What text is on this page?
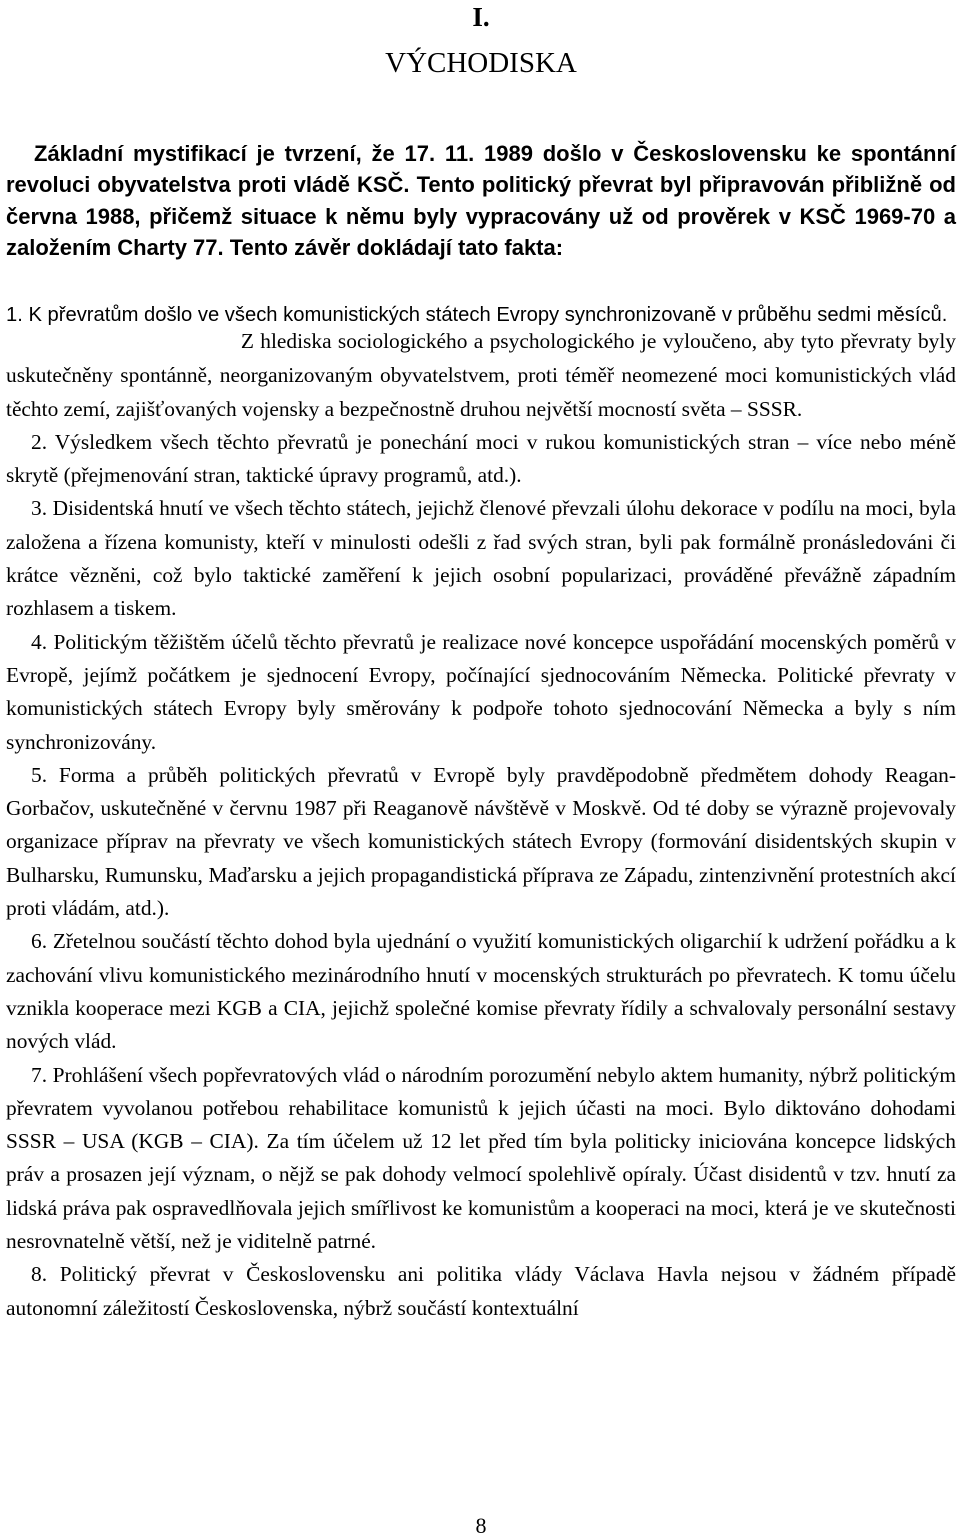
I.
VÝCHODISKA

Základní mystifikací je tvrzení, že 17. 11. 1989 došlo v Československu ke spontánní revoluci obyvatelstva proti vládě KSČ. Tento politický převrat byl připravován přibližně od června 1988, přičemž situace k němu byly vypracovány už od prověrek v KSČ 1969-70 a založením Charty 77. Tento závěr dokládají tato fakta:

1. K převratům došlo ve všech komunistických státech Evropy synchronizovaně v průběhu sedmi měsíců.

Z hlediska sociologického a psychologického je vyloučeno, aby tyto převraty byly uskutečněny spontánně, neorganizovaným obyvatelstvem, proti téměř neomezené moci komunistických vlád těchto zemí, zajišťovaných vojensky a bezpečnostně druhou největší mocností světa – SSSR.
2. Výsledkem všech těchto převratů je ponechání moci v rukou komunistických stran – více nebo méně skrytě (přejmenování stran, taktické úpravy programů, atd.).
3. Disidentská hnutí ve všech těchto státech, jejichž členové převzali úlohu dekorace v podílu na moci, byla založena a řízena komunisty, kteří v minulosti odešli z řad svých stran, byli pak formálně pronásledováni či krátce vězněni, což bylo taktické zaměření k jejich osobní popularizaci, prováděné převážně západním rozhlasem a tiskem.
4. Politickým těžištěm účelů těchto převratů je realizace nové koncepce uspořádání mocenských poměrů v Evropě, jejímž počátkem je sjednocení Evropy, počínající sjednocováním Německa. Politické převraty v komunistických státech Evropy byly směrovány k podpoře tohoto sjednocování Německa a byly s ním synchronizovány.
5. Forma a průběh politických převratů v Evropě byly pravděpodobně předmětem dohody Reagan-Gorbačov, uskutečněné v červnu 1987 při Reaganově návštěvě v Moskvě. Od té doby se výrazně projevovaly organizace příprav na převraty ve všech komunistických státech Evropy (formování disidentských skupin v Bulharsku, Rumunsku, Maďarsku a jejich propagandistická příprava ze Západu, zintenzivnění protestních akcí proti vládám, atd.).
6. Zřetelnou součástí těchto dohod byla ujednání o využití komunistických oligarchií k udržení pořádku a k zachování vlivu komunistického mezinárodního hnutí v mocenských strukturách po převratech. K tomu účelu vznikla kooperace mezi KGB a CIA, jejichž společné komise převraty řídily a schvalovaly personální sestavy nových vlád.
7. Prohlášení všech popřevratových vlád o národním porozumění nebylo aktem humanity, nýbrž politickým převratem vyvolanou potřebou rehabilitace komunistů k jejich účasti na moci. Bylo diktováno dohodami SSSR – USA (KGB – CIA). Za tím účelem už 12 let před tím byla politicky iniciována koncepce lidských práv a prosazen její význam, o nějž se pak dohody velmocí spolehlivě opíraly. Účast disidentů v tzv. hnutí za lidská práva pak ospravedlňovala jejich smířlivost ke komunistům a kooperaci na moci, která je ve skutečnosti nesrovnatelně větší, než je viditelně patrné.
8. Politický převrat v Československu ani politika vlády Václava Havla nejsou v žádném případě autonomní záležitostí Československa, nýbrž součástí kontextuální
8
